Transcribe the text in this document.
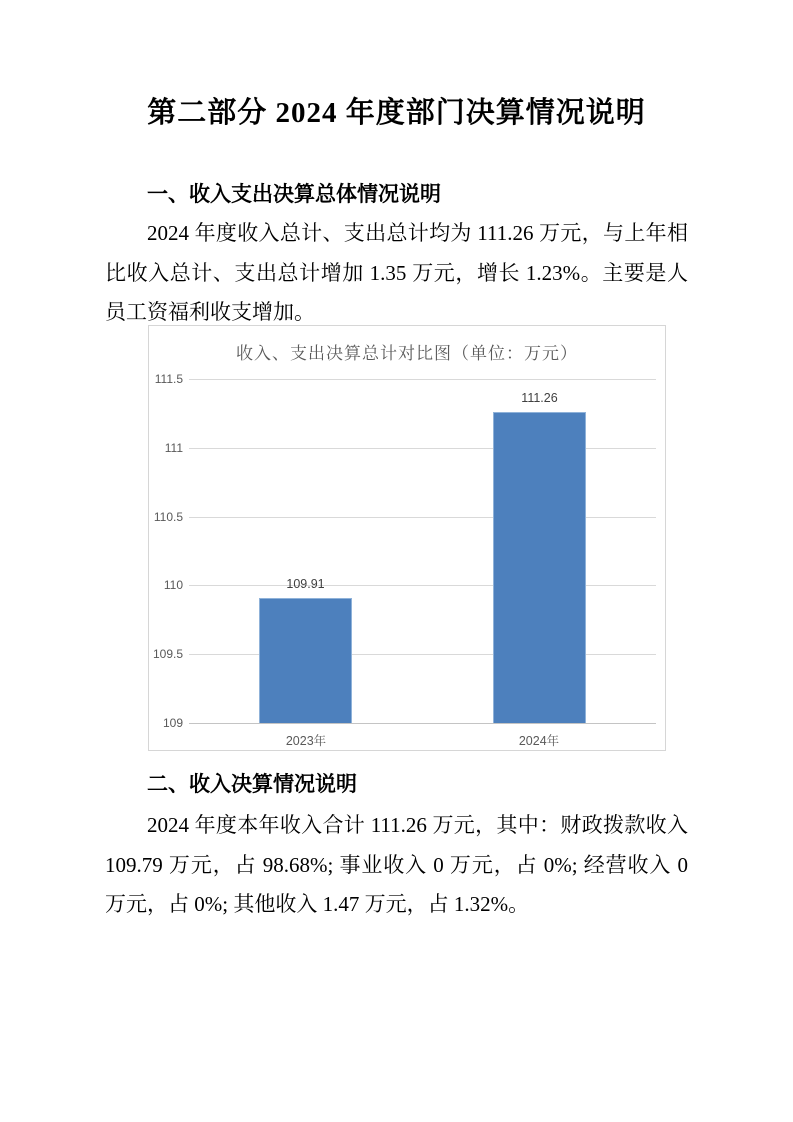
第二部分 2024 年度部门决算情况说明
一、收入支出决算总体情况说明

2024 年度收入总计、支出总计均为 111.26 万元，与上年相比收入总计、支出总计增加 1.35 万元，增长 1.23%。主要是人员工资福利收支增加。

收入、支出决算总计对比图（单位：万元）
109
109.5
110
110.5
111
111.5
109.91
2023年
111.26
2024年
二、收入决算情况说明

2024 年度本年收入合计 111.26 万元，其中：财政拨款收入 109.79 万元，占 98.68%; 事业收入 0 万元，占 0%; 经营收入 0 万元，占 0%; 其他收入 1.47 万元，占 1.32%。
